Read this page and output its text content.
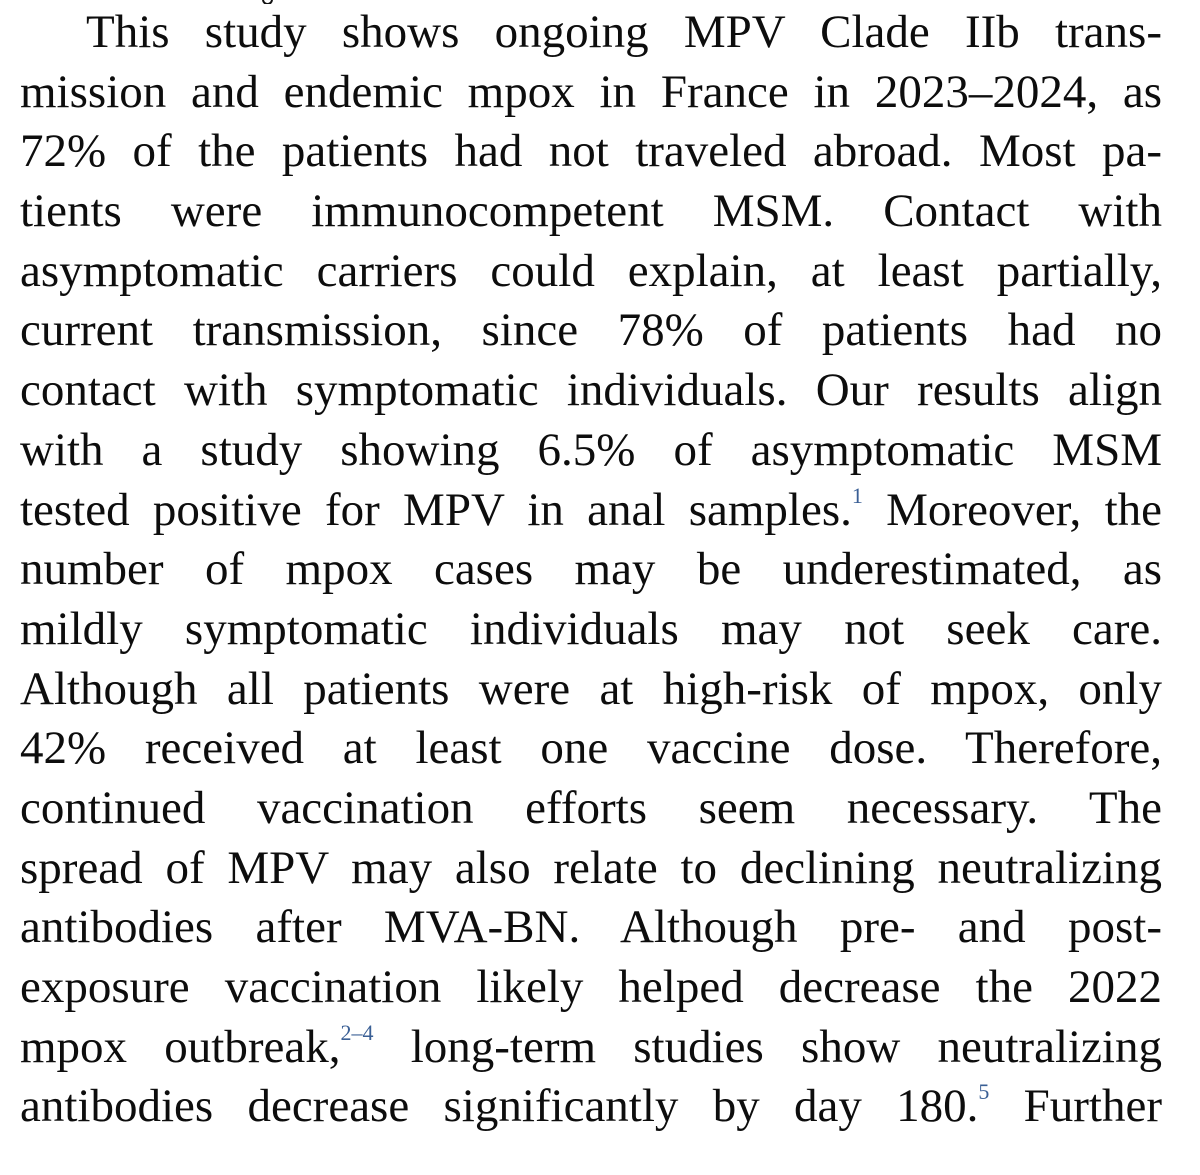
This study shows ongoing MPV Clade IIb trans-
mission and endemic mpox in France in 2023–2024, as
72% of the patients had not traveled abroad. Most pa-
tients were immunocompetent MSM. Contact with
asymptomatic carriers could explain, at least partially,
current transmission, since 78% of patients had no
contact with symptomatic individuals. Our results align
with a study showing 6.5% of asymptomatic MSM
tested positive for MPV in anal samples.$^1$ Moreover, the
number of mpox cases may be underestimated, as
mildly symptomatic individuals may not seek care.
Although all patients were at high-risk of mpox, only
42% received at least one vaccine dose. Therefore,
continued vaccination efforts seem necessary. The
spread of MPV may also relate to declining neutralizing
antibodies after MVA-BN. Although pre- and post-
exposure vaccination likely helped decrease the 2022
mpox outbreak,$^{2-4}$ long-term studies show neutralizing
antibodies decrease significantly by day 180.$^5$ Further
